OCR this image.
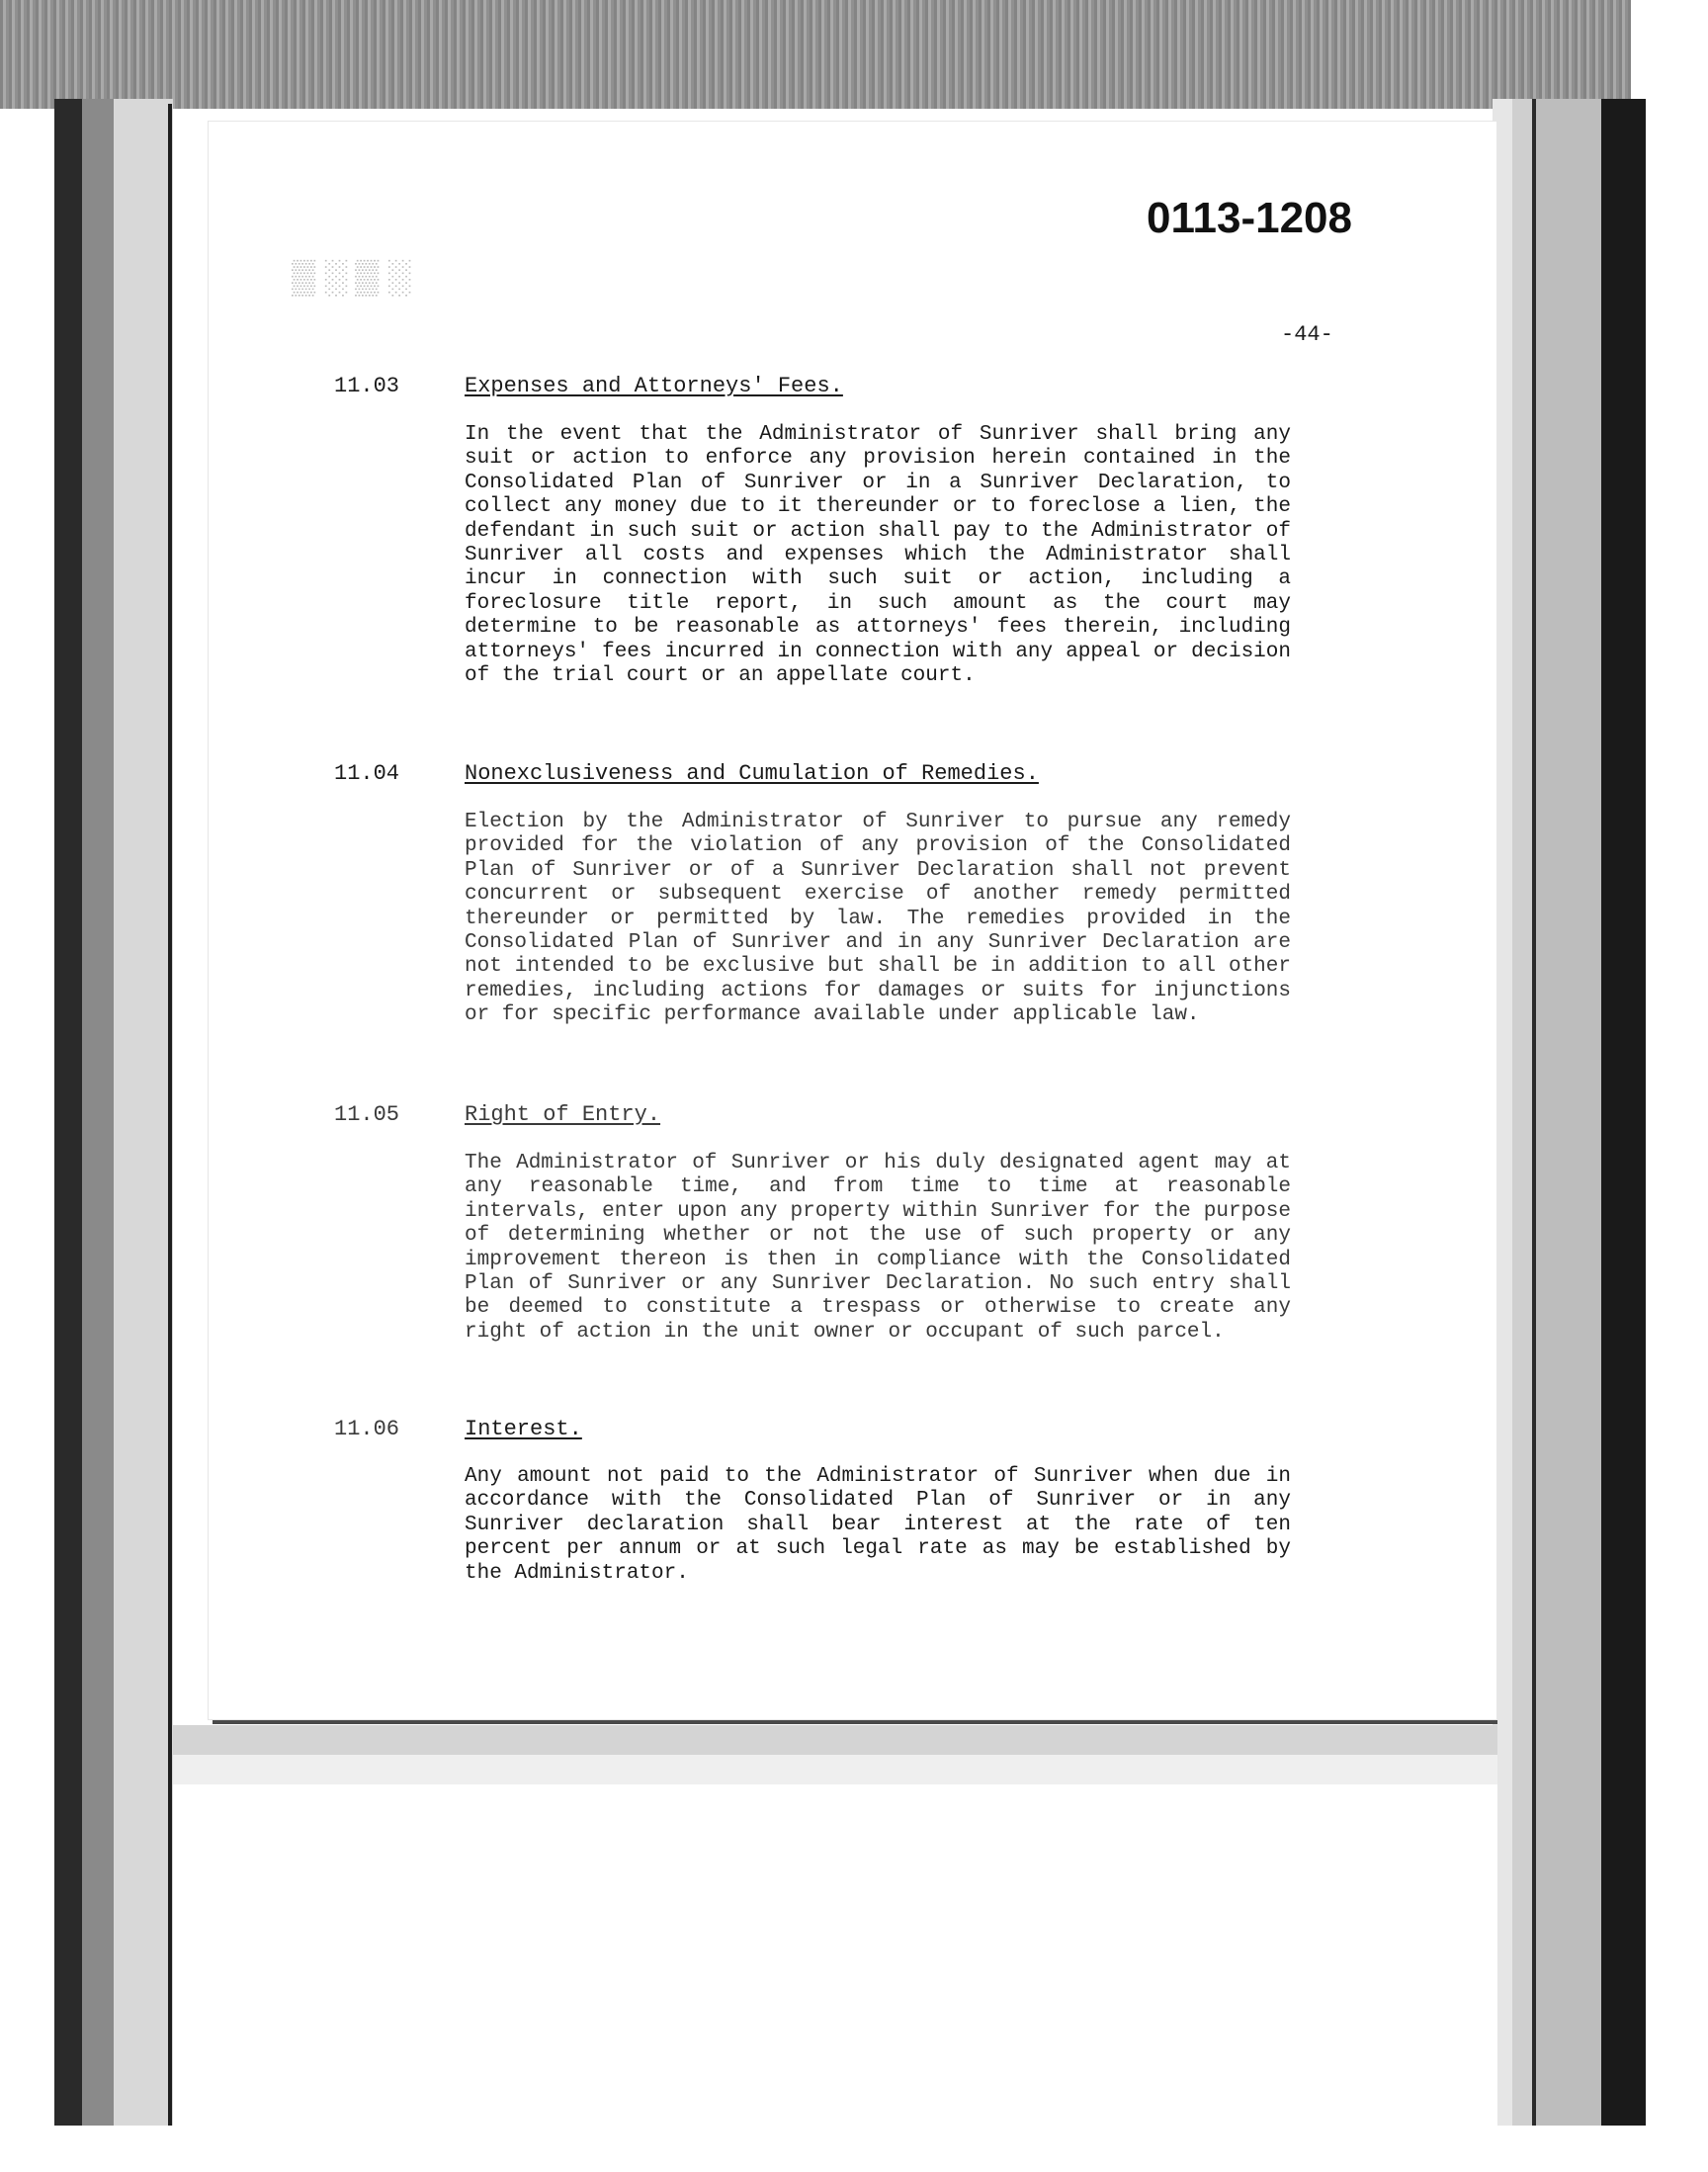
▒░▒░
0113-1208
-44-
11.03	Expenses and Attorneys' Fees.

In the event that the Administrator of Sunriver shall bring any suit or action to enforce any provision herein contained in the Consolidated Plan of Sunriver or in a Sunriver Declaration, to collect any money due to it thereunder or to foreclose a lien, the defendant in such suit or action shall pay to the Administrator of Sunriver all costs and expenses which the Administrator shall incur in connection with such suit or action, including a foreclosure title report, in such amount as the court may determine to be reasonable as attorneys' fees therein, including attorneys' fees incurred in connection with any appeal or decision of the trial court or an appellate court.

11.04	Nonexclusiveness and Cumulation of Remedies.

Election by the Administrator of Sunriver to pursue any remedy provided for the violation of any provision of the Consolidated Plan of Sunriver or of a Sunriver Declaration shall not prevent concurrent or subsequent exercise of another remedy permitted thereunder or permitted by law. The remedies provided in the Consolidated Plan of Sunriver and in any Sunriver Declaration are not intended to be exclusive but shall be in addition to all other remedies, including actions for damages or suits for injunctions or for specific performance available under applicable law.

11.05	Right of Entry.

The Administrator of Sunriver or his duly designated agent may at any reasonable time, and from time to time at reasonable intervals, enter upon any property within Sunriver for the purpose of determining whether or not the use of such property or any improvement thereon is then in compliance with the Consolidated Plan of Sunriver or any Sunriver Declaration. No such entry shall be deemed to constitute a trespass or otherwise to create any right of action in the unit owner or occupant of such parcel.

11.06	Interest.

Any amount not paid to the Administrator of Sunriver when due in accordance with the Consolidated Plan of Sunriver or in any Sunriver declaration shall bear interest at the rate of ten percent per annum or at such legal rate as may be established by the Administrator.
